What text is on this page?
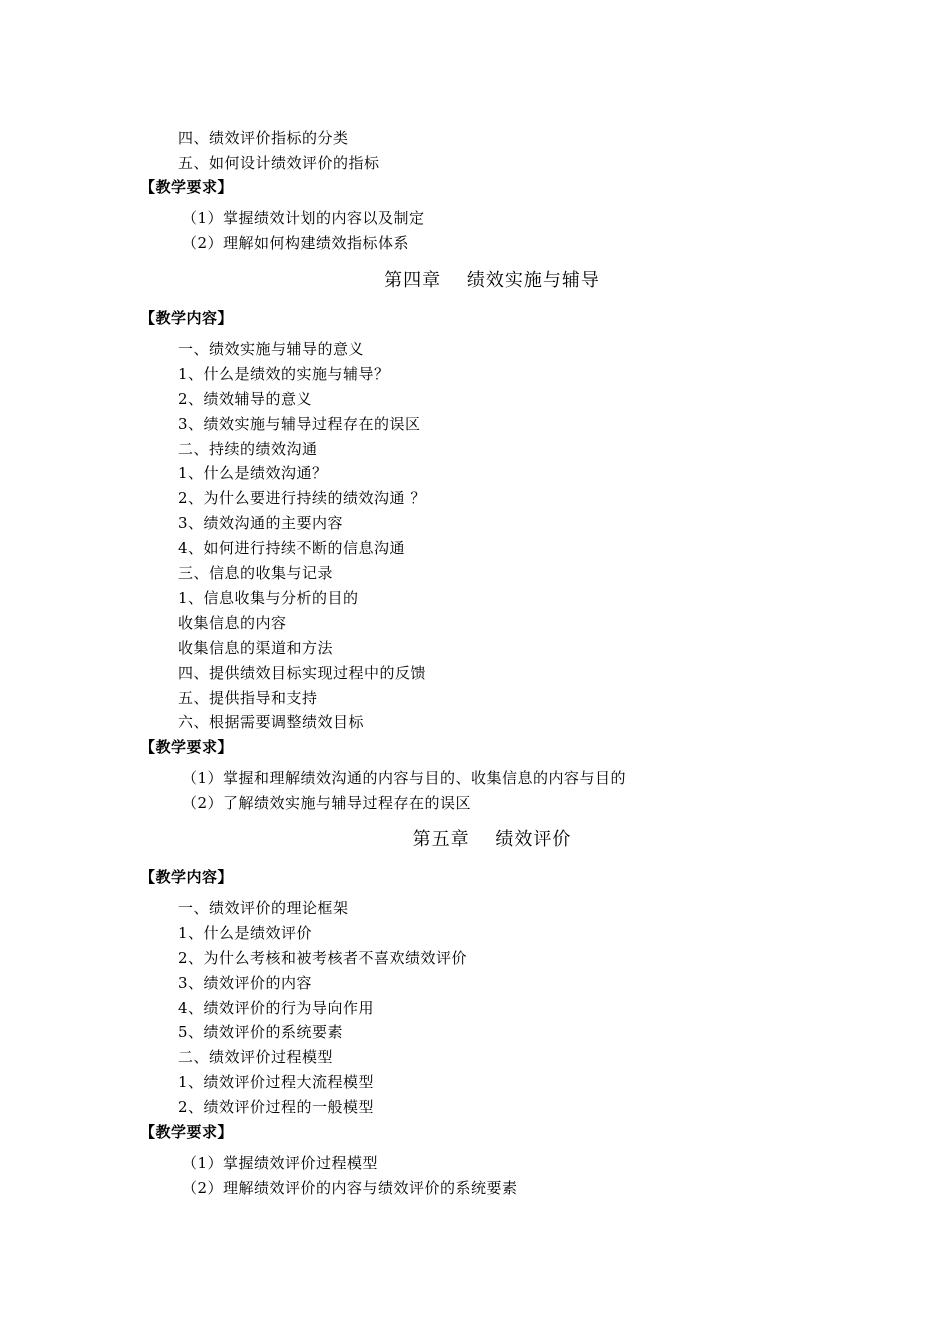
四、绩效评价指标的分类
五、如何设计绩效评价的指标
【教学要求】
（1）掌握绩效计划的内容以及制定
（2）理解如何构建绩效指标体系
第四章　 绩效实施与辅导
【教学内容】
一、绩效实施与辅导的意义
1、什么是绩效的实施与辅导？
2、绩效辅导的意义
3、绩效实施与辅导过程存在的误区
二、持续的绩效沟通
1、什么是绩效沟通？
2、为什么要进行持续的绩效沟通 ？
3、绩效沟通的主要内容
4、如何进行持续不断的信息沟通
三、信息的收集与记录
1、信息收集与分析的目的
收集信息的内容
收集信息的渠道和方法
四、提供绩效目标实现过程中的反馈
五、提供指导和支持
六、根据需要调整绩效目标
【教学要求】
（1）掌握和理解绩效沟通的内容与目的、收集信息的内容与目的
（2）了解绩效实施与辅导过程存在的误区
第五章　 绩效评价
【教学内容】
一、绩效评价的理论框架
1、什么是绩效评价
2、为什么考核和被考核者不喜欢绩效评价
3、绩效评价的内容
4、绩效评价的行为导向作用
5、绩效评价的系统要素
二、绩效评价过程模型
1、绩效评价过程大流程模型
2、绩效评价过程的一般模型
【教学要求】
（1）掌握绩效评价过程模型
（2）理解绩效评价的内容与绩效评价的系统要素
